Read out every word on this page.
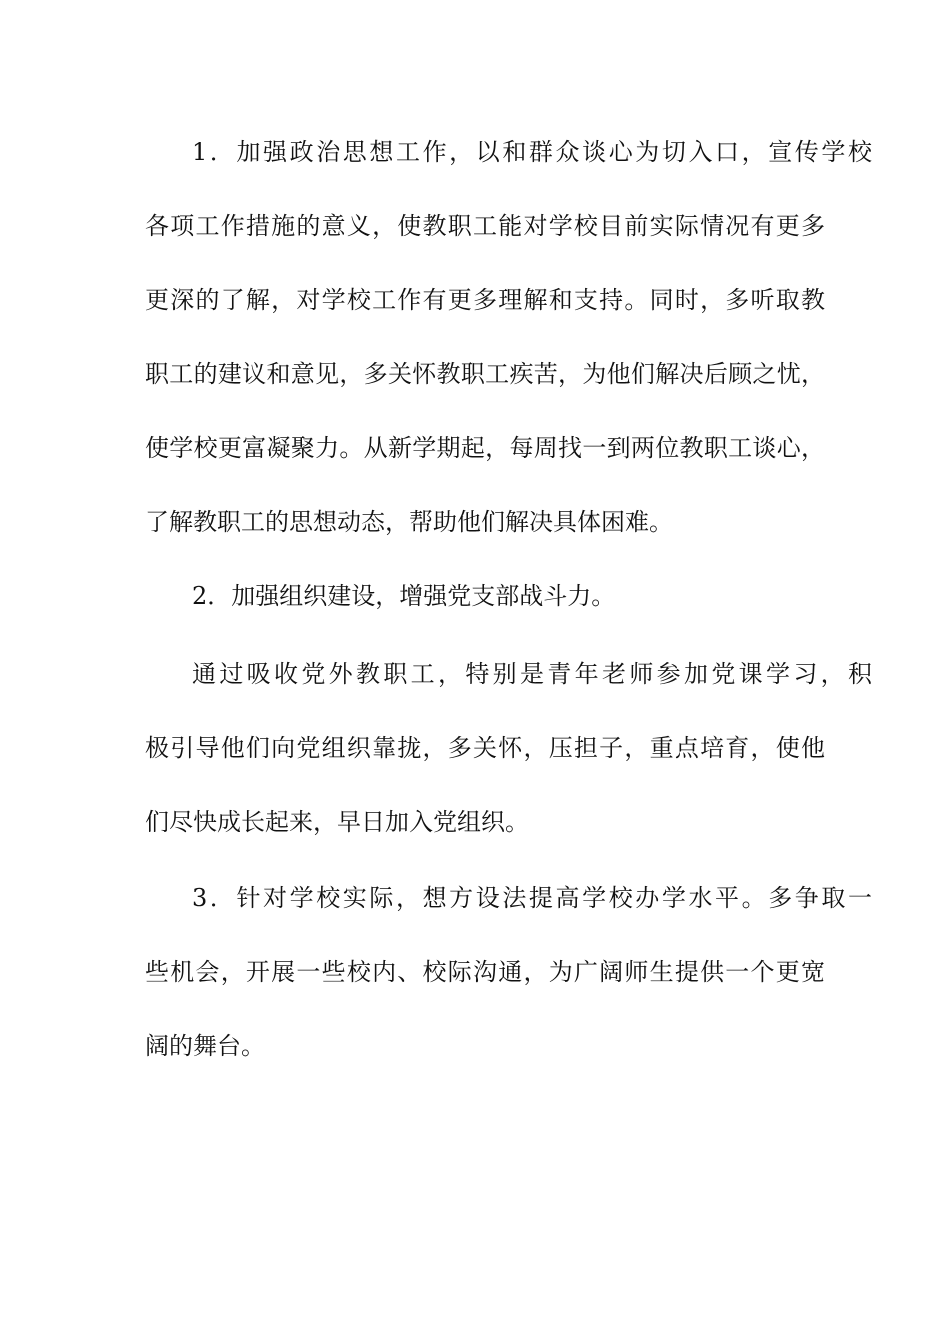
1．加强政治思想工作，以和群众谈心为切入口，宣传学校
各项工作措施的意义，使教职工能对学校目前实际情况有更多
更深的了解，对学校工作有更多理解和支持。同时，多听取教
职工的建议和意见，多关怀教职工疾苦，为他们解决后顾之忧，
使学校更富凝聚力。从新学期起，每周找一到两位教职工谈心，
了解教职工的思想动态，帮助他们解决具体困难。
2．加强组织建设，增强党支部战斗力。
通过吸收党外教职工，特别是青年老师参加党课学习，积
极引导他们向党组织靠拢，多关怀，压担子，重点培育，使他
们尽快成长起来，早日加入党组织。
3．针对学校实际，想方设法提高学校办学水平。多争取一
些机会，开展一些校内、校际沟通，为广阔师生提供一个更宽
阔的舞台。
